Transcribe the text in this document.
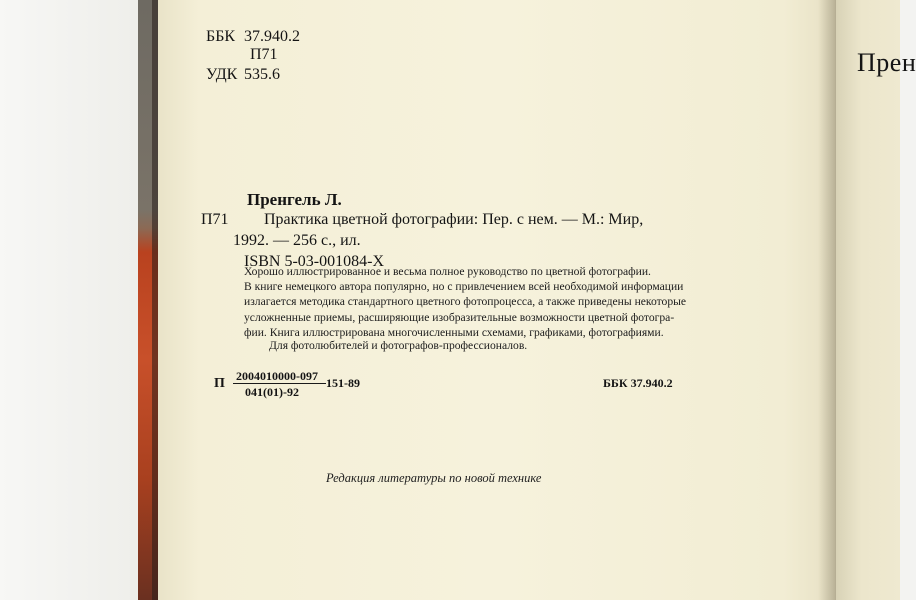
Прен
ББК 37.940.2
П71
УДК 535.6
Пренгель Л.
П71 Практика цветной фотографии: Пер. с нем. — М.: Мир,
1992. — 256 с., ил.
ISBN 5-03-001084-X
Хорошо иллюстрированное и весьма полное руководство по цветной фотографии.
В книге немецкого автора популярно, но с привлечением всей необходимой информации
излагается методика стандартного цветного фотопроцесса, а также приведены некоторые
усложненные приемы, расширяющие изобразительные возможности цветной фотогра-
фии. Книга иллюстрирована многочисленными схемами, графиками, фотографиями.
Для фотолюбителей и фотографов-профессионалов.
П 2004010000-097
041(01)-92
151-89	ББК 37.940.2
Редакция литературы по новой технике
